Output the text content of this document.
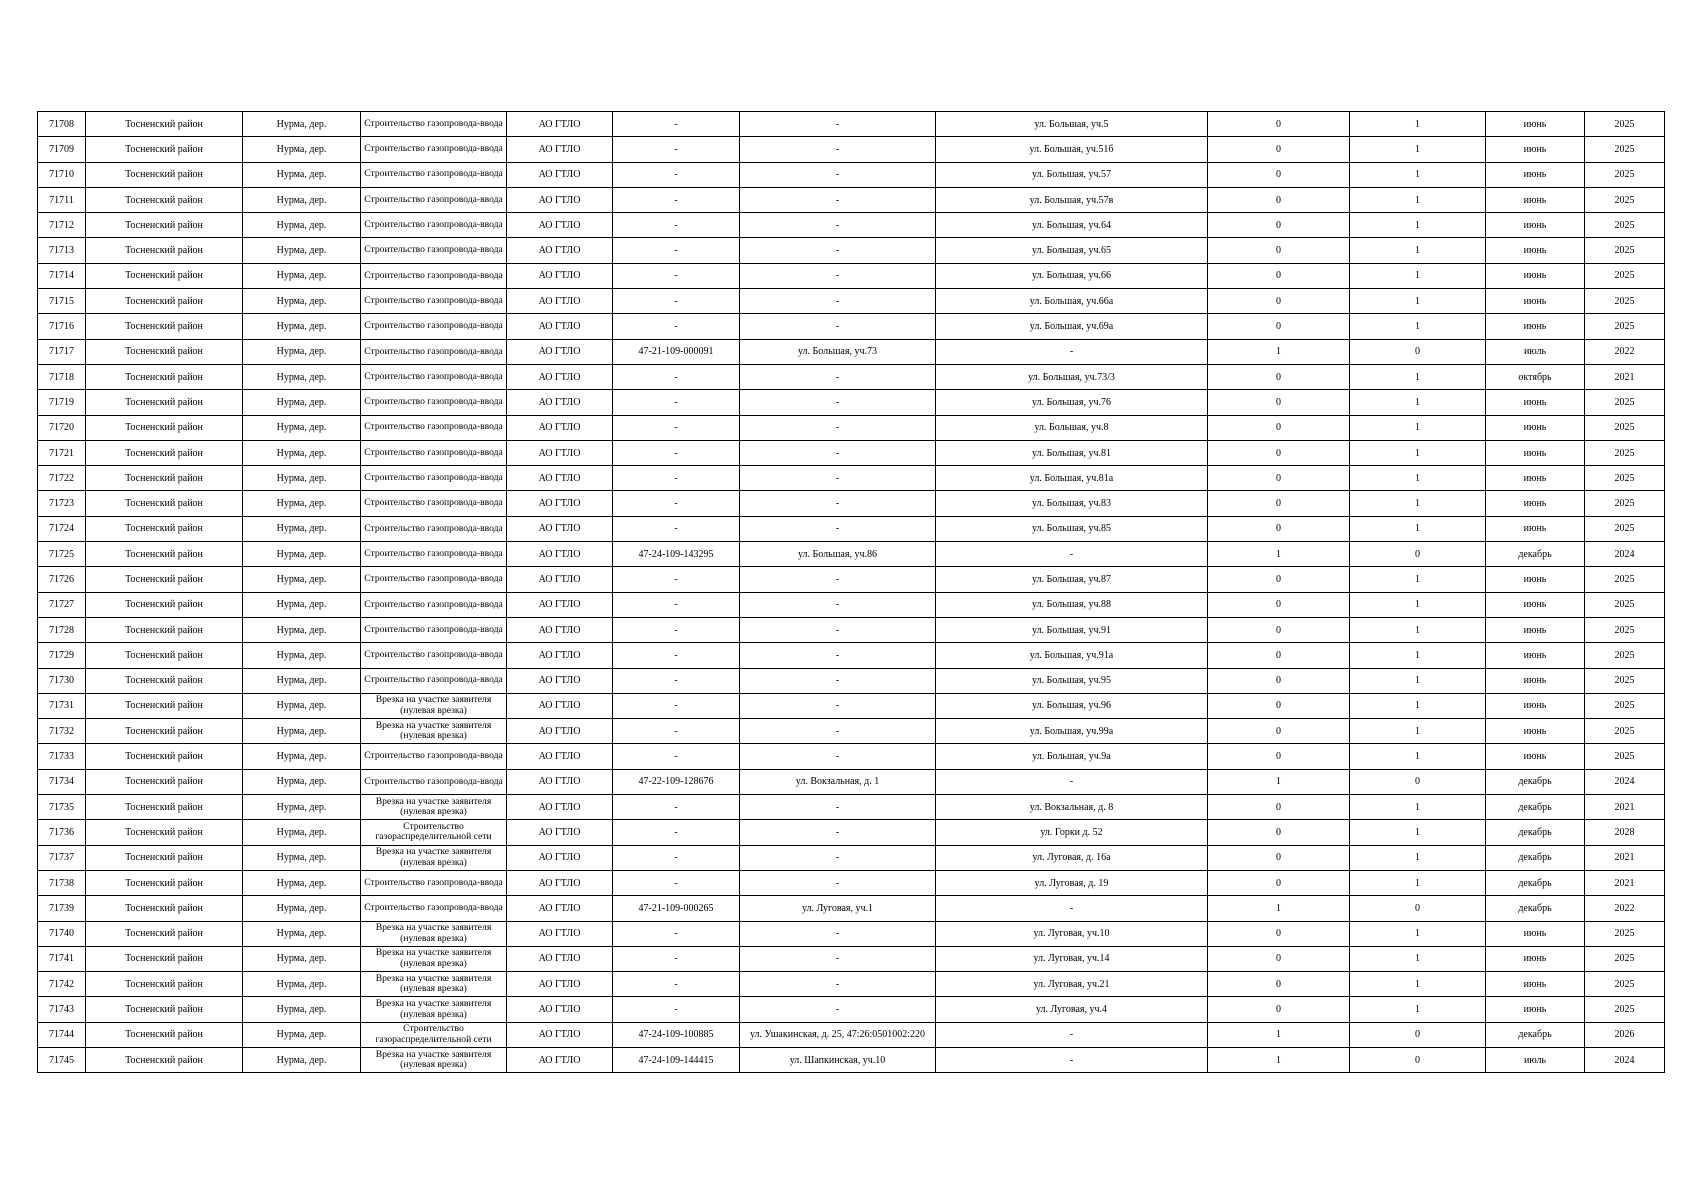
71708	Тосненский район	Нурма, дер.	Строительство газопровода-ввода	АО ГТЛО	-	-	ул. Большая, уч.5	0	1	июнь	2025
71709	Тосненский район	Нурма, дер.	Строительство газопровода-ввода	АО ГТЛО	-	-	ул. Большая, уч.51б	0	1	июнь	2025
71710	Тосненский район	Нурма, дер.	Строительство газопровода-ввода	АО ГТЛО	-	-	ул. Большая, уч.57	0	1	июнь	2025
71711	Тосненский район	Нурма, дер.	Строительство газопровода-ввода	АО ГТЛО	-	-	ул. Большая, уч.57в	0	1	июнь	2025
71712	Тосненский район	Нурма, дер.	Строительство газопровода-ввода	АО ГТЛО	-	-	ул. Большая, уч.64	0	1	июнь	2025
71713	Тосненский район	Нурма, дер.	Строительство газопровода-ввода	АО ГТЛО	-	-	ул. Большая, уч.65	0	1	июнь	2025
71714	Тосненский район	Нурма, дер.	Строительство газопровода-ввода	АО ГТЛО	-	-	ул. Большая, уч.66	0	1	июнь	2025
71715	Тосненский район	Нурма, дер.	Строительство газопровода-ввода	АО ГТЛО	-	-	ул. Большая, уч.66а	0	1	июнь	2025
71716	Тосненский район	Нурма, дер.	Строительство газопровода-ввода	АО ГТЛО	-	-	ул. Большая, уч.69а	0	1	июнь	2025
71717	Тосненский район	Нурма, дер.	Строительство газопровода-ввода	АО ГТЛО	47-21-109-000091	ул. Большая, уч.73	-	1	0	июль	2022
71718	Тосненский район	Нурма, дер.	Строительство газопровода-ввода	АО ГТЛО	-	-	ул. Большая, уч.73/3	0	1	октябрь	2021
71719	Тосненский район	Нурма, дер.	Строительство газопровода-ввода	АО ГТЛО	-	-	ул. Большая, уч.76	0	1	июнь	2025
71720	Тосненский район	Нурма, дер.	Строительство газопровода-ввода	АО ГТЛО	-	-	ул. Большая, уч.8	0	1	июнь	2025
71721	Тосненский район	Нурма, дер.	Строительство газопровода-ввода	АО ГТЛО	-	-	ул. Большая, уч.81	0	1	июнь	2025
71722	Тосненский район	Нурма, дер.	Строительство газопровода-ввода	АО ГТЛО	-	-	ул. Большая, уч.81а	0	1	июнь	2025
71723	Тосненский район	Нурма, дер.	Строительство газопровода-ввода	АО ГТЛО	-	-	ул. Большая, уч.83	0	1	июнь	2025
71724	Тосненский район	Нурма, дер.	Строительство газопровода-ввода	АО ГТЛО	-	-	ул. Большая, уч.85	0	1	июнь	2025
71725	Тосненский район	Нурма, дер.	Строительство газопровода-ввода	АО ГТЛО	47-24-109-143295	ул. Большая, уч.86	-	1	0	декабрь	2024
71726	Тосненский район	Нурма, дер.	Строительство газопровода-ввода	АО ГТЛО	-	-	ул. Большая, уч.87	0	1	июнь	2025
71727	Тосненский район	Нурма, дер.	Строительство газопровода-ввода	АО ГТЛО	-	-	ул. Большая, уч.88	0	1	июнь	2025
71728	Тосненский район	Нурма, дер.	Строительство газопровода-ввода	АО ГТЛО	-	-	ул. Большая, уч.91	0	1	июнь	2025
71729	Тосненский район	Нурма, дер.	Строительство газопровода-ввода	АО ГТЛО	-	-	ул. Большая, уч.91а	0	1	июнь	2025
71730	Тосненский район	Нурма, дер.	Строительство газопровода-ввода	АО ГТЛО	-	-	ул. Большая, уч.95	0	1	июнь	2025
71731	Тосненский район	Нурма, дер.	Врезка на участке заявителя (нулевая врезка)	АО ГТЛО	-	-	ул. Большая, уч.96	0	1	июнь	2025
71732	Тосненский район	Нурма, дер.	Врезка на участке заявителя (нулевая врезка)	АО ГТЛО	-	-	ул. Большая, уч.99а	0	1	июнь	2025
71733	Тосненский район	Нурма, дер.	Строительство газопровода-ввода	АО ГТЛО	-	-	ул. Большая, уч.9а	0	1	июнь	2025
71734	Тосненский район	Нурма, дер.	Строительство газопровода-ввода	АО ГТЛО	47-22-109-128676	ул. Вокзальная, д. 1	-	1	0	декабрь	2024
71735	Тосненский район	Нурма, дер.	Врезка на участке заявителя (нулевая врезка)	АО ГТЛО	-	-	ул. Вокзальная, д. 8	0	1	декабрь	2021
71736	Тосненский район	Нурма, дер.	Строительство газораспределительной сети	АО ГТЛО	-	-	ул. Горки д. 52	0	1	декабрь	2028
71737	Тосненский район	Нурма, дер.	Врезка на участке заявителя (нулевая врезка)	АО ГТЛО	-	-	ул. Луговая, д. 16а	0	1	декабрь	2021
71738	Тосненский район	Нурма, дер.	Строительство газопровода-ввода	АО ГТЛО	-	-	ул. Луговая, д. 19	0	1	декабрь	2021
71739	Тосненский район	Нурма, дер.	Строительство газопровода-ввода	АО ГТЛО	47-21-109-000265	ул. Луговая, уч.1	-	1	0	декабрь	2022
71740	Тосненский район	Нурма, дер.	Врезка на участке заявителя (нулевая врезка)	АО ГТЛО	-	-	ул. Луговая, уч.10	0	1	июнь	2025
71741	Тосненский район	Нурма, дер.	Врезка на участке заявителя (нулевая врезка)	АО ГТЛО	-	-	ул. Луговая, уч.14	0	1	июнь	2025
71742	Тосненский район	Нурма, дер.	Врезка на участке заявителя (нулевая врезка)	АО ГТЛО	-	-	ул. Луговая, уч.21	0	1	июнь	2025
71743	Тосненский район	Нурма, дер.	Врезка на участке заявителя (нулевая врезка)	АО ГТЛО	-	-	ул. Луговая, уч.4	0	1	июнь	2025
71744	Тосненский район	Нурма, дер.	Строительство газораспределительной сети	АО ГТЛО	47-24-109-100885	ул. Ушакинская, д. 25, 47:26:0501002:220	-	1	0	декабрь	2026
71745	Тосненский район	Нурма, дер.	Врезка на участке заявителя (нулевая врезка)	АО ГТЛО	47-24-109-144415	ул. Шапкинская, уч.10	-	1	0	июль	2024
